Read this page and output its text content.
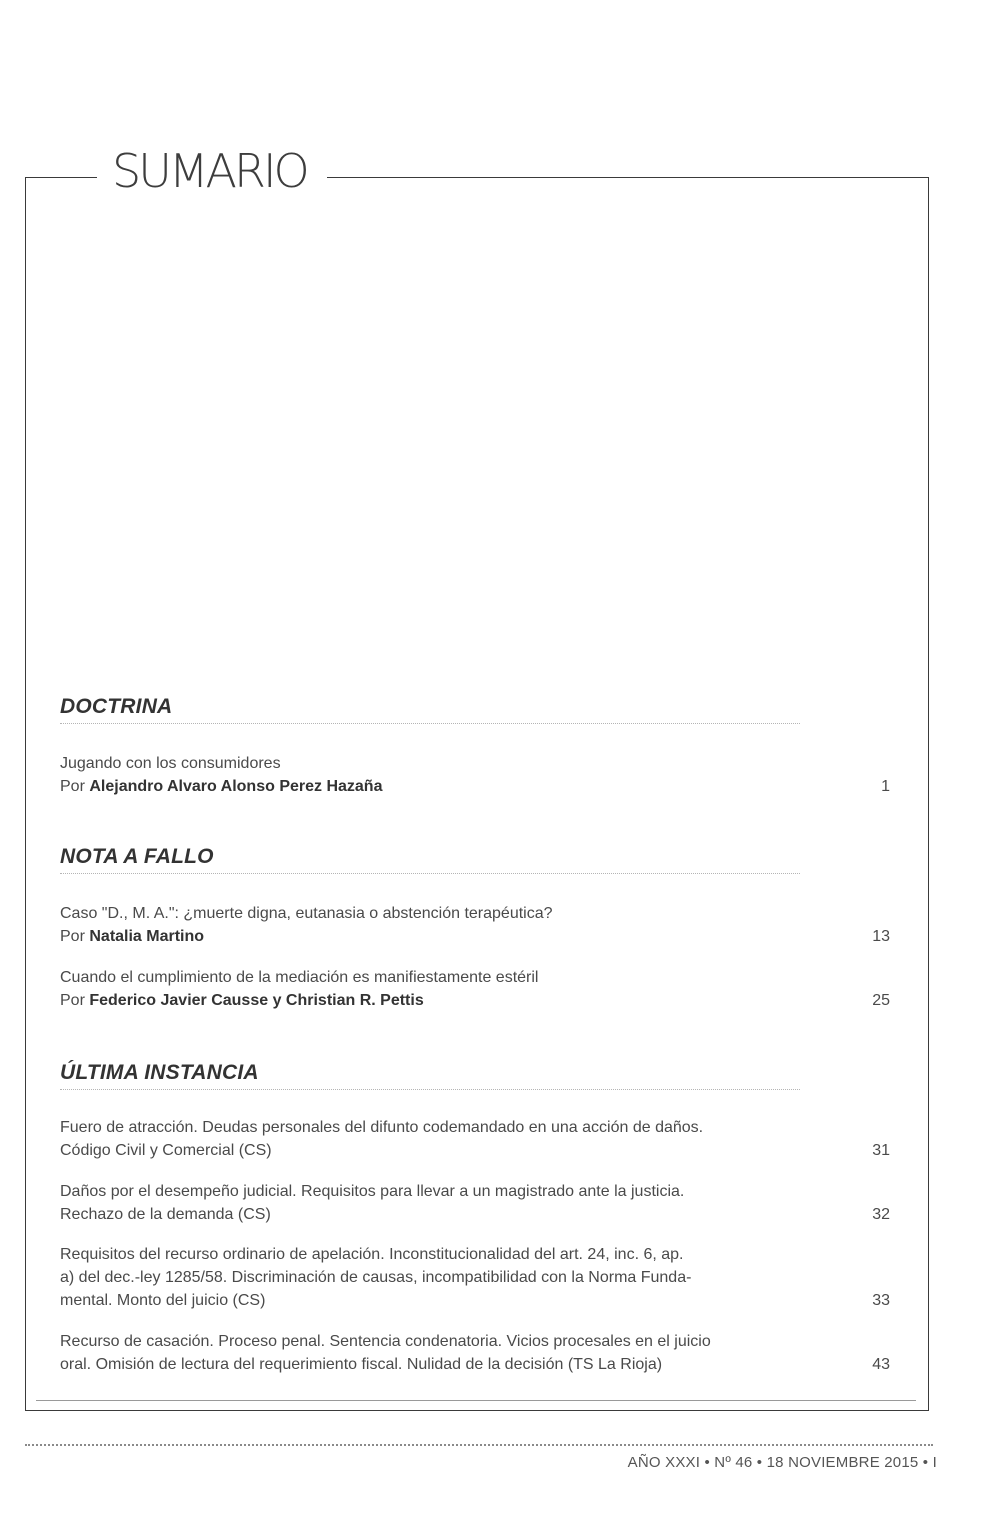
SUMARIO
DOCTRINA
Jugando con los consumidores
Por Alejandro Alvaro Alonso Perez Hazaña	1
NOTA A FALLO
Caso "D., M. A.": ¿muerte digna, eutanasia o abstención terapéutica?
Por Natalia Martino	13
Cuando el cumplimiento de la mediación es manifiestamente estéril
Por Federico Javier Causse y Christian R. Pettis	25
ÚLTIMA INSTANCIA
Fuero de atracción. Deudas personales del difunto codemandado en una acción de daños.
Código Civil y Comercial (CS)	31
Daños por el desempeño judicial. Requisitos para llevar a un magistrado ante la justicia.
Rechazo de la demanda (CS)	32
Requisitos del recurso ordinario de apelación. Inconstitucionalidad del art. 24, inc. 6, ap.
a) del dec.-ley 1285/58. Discriminación de causas, incompatibilidad con la Norma Funda-
mental. Monto del juicio (CS)	33
Recurso de casación. Proceso penal. Sentencia condenatoria. Vicios procesales en el juicio
oral. Omisión de lectura del requerimiento fiscal. Nulidad de la decisión (TS La Rioja)	43
AÑO XXXI • Nº 46 • 18 NOVIEMBRE 2015 • I
